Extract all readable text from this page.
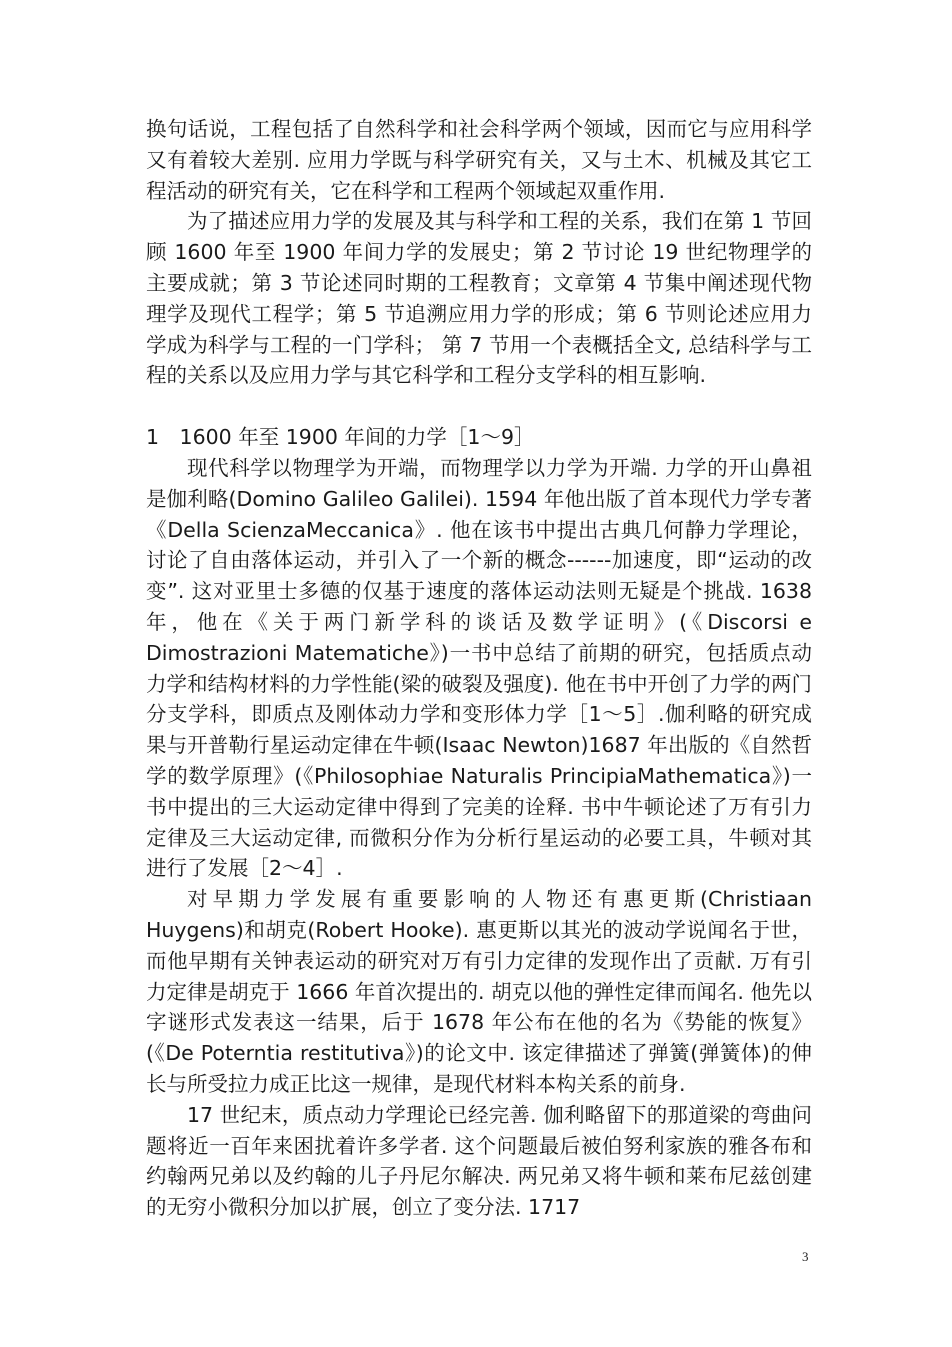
换句话说，工程包括了自然科学和社会科学两个领域，因而它与应用科学又有着较大差别. 应用力学既与科学研究有关，又与土木、机械及其它工程活动的研究有关，它在科学和工程两个领域起双重作用.

为了描述应用力学的发展及其与科学和工程的关系，我们在第 1 节回顾 1600 年至 1900 年间力学的发展史；第 2 节讨论 19 世纪物理学的主要成就；第 3 节论述同时期的工程教育；文章第 4 节集中阐述现代物理学及现代工程学；第 5 节追溯应用力学的形成；第 6 节则论述应用力学成为科学与工程的一门学科； 第 7 节用一个表概括全文, 总结科学与工程的关系以及应用力学与其它科学和工程分支学科的相互影响.

1　1600 年至 1900 年间的力学［1～9］

现代科学以物理学为开端，而物理学以力学为开端. 力学的开山鼻祖是伽利略(Domino Galileo Galilei). 1594 年他出版了首本现代力学专著《Della ScienzaMeccanica》. 他在该书中提出古典几何静力学理论，讨论了自由落体运动，并引入了一个新的概念------加速度，即“运动的改变”. 这对亚里士多德的仅基于速度的落体运动法则无疑是个挑战. 1638 年，他在《关于两门新学科的谈话及数学证明》(《Discorsi e Dimostrazioni Matematiche》)一书中总结了前期的研究，包括质点动力学和结构材料的力学性能(梁的破裂及强度). 他在书中开创了力学的两门分支学科，即质点及刚体动力学和变形体力学［1～5］.伽利略的研究成果与开普勒行星运动定律在牛顿(Isaac Newton)1687 年出版的《自然哲学的数学原理》(《Philosophiae Naturalis PrincipiaMathematica》)一书中提出的三大运动定律中得到了完美的诠释. 书中牛顿论述了万有引力定律及三大运动定律, 而微积分作为分析行星运动的必要工具，牛顿对其进行了发展［2～4］.

对早期力学发展有重要影响的人物还有惠更斯(Christiaan Huygens)和胡克(Robert Hooke). 惠更斯以其光的波动学说闻名于世，而他早期有关钟表运动的研究对万有引力定律的发现作出了贡献. 万有引力定律是胡克于 1666 年首次提出的. 胡克以他的弹性定律而闻名. 他先以字谜形式发表这一结果，后于 1678 年公布在他的名为《势能的恢复》(《De Poterntia restitutiva》)的论文中. 该定律描述了弹簧(弹簧体)的伸长与所受拉力成正比这一规律，是现代材料本构关系的前身.

17 世纪末，质点动力学理论已经完善. 伽利略留下的那道梁的弯曲问题将近一百年来困扰着许多学者. 这个问题最后被伯努利家族的雅各布和约翰两兄弟以及约翰的儿子丹尼尔解决. 两兄弟又将牛顿和莱布尼兹创建的无穷小微积分加以扩展，创立了变分法. 1717

3
